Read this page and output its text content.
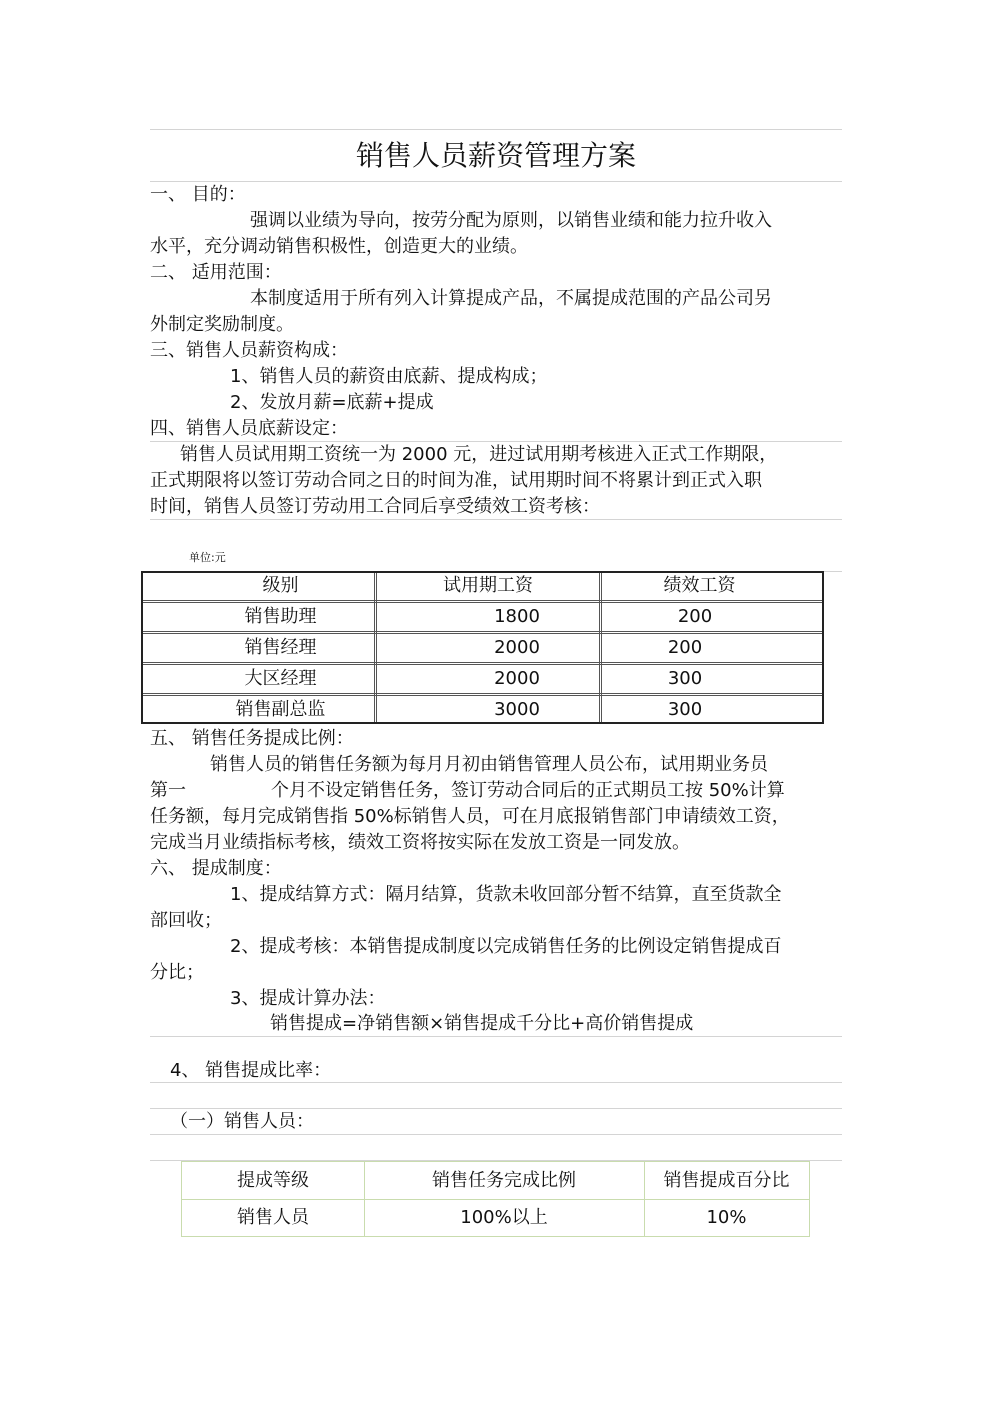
销售人员薪资管理方案
一、 目的：
强调以业绩为导向，按劳分配为原则，以销售业绩和能力拉升收入
水平，充分调动销售积极性，创造更大的业绩。
二、 适用范围：
本制度适用于所有列入计算提成产品，不属提成范围的产品公司另
外制定奖励制度。
三、销售人员薪资构成：
1、销售人员的薪资由底薪、提成构成；
2、发放月薪=底薪+提成
四、销售人员底薪设定：
销售人员试用期工资统一为 2000 元，进过试用期考核进入正式工作期限，
正式期限将以签订劳动合同之日的时间为准，试用期时间不将累计到正式入职
时间，销售人员签订劳动用工合同后享受绩效工资考核：
单位:元
级别	试用期工资	绩效工资
销售助理	1800	200
销售经理	2000	200
大区经理	2000	300
销售副总监	3000	300
五、 销售任务提成比例：
销售人员的销售任务额为每月月初由销售管理人员公布，试用期业务员
第一	个月不设定销售任务，签订劳动合同后的正式期员工按 50%计算
任务额，每月完成销售指 50%标销售人员，可在月底报销售部门申请绩效工资，
完成当月业绩指标考核，绩效工资将按实际在发放工资是一同发放。
六、 提成制度：
1、提成结算方式：隔月结算，货款未收回部分暂不结算，直至货款全
部回收；
2、提成考核：本销售提成制度以完成销售任务的比例设定销售提成百
分比；
3、提成计算办法：
销售提成=净销售额×销售提成千分比+高价销售提成
4、 销售提成比率：
（一）销售人员：
提成等级	销售任务完成比例	销售提成百分比
销售人员	100%以上	10%
